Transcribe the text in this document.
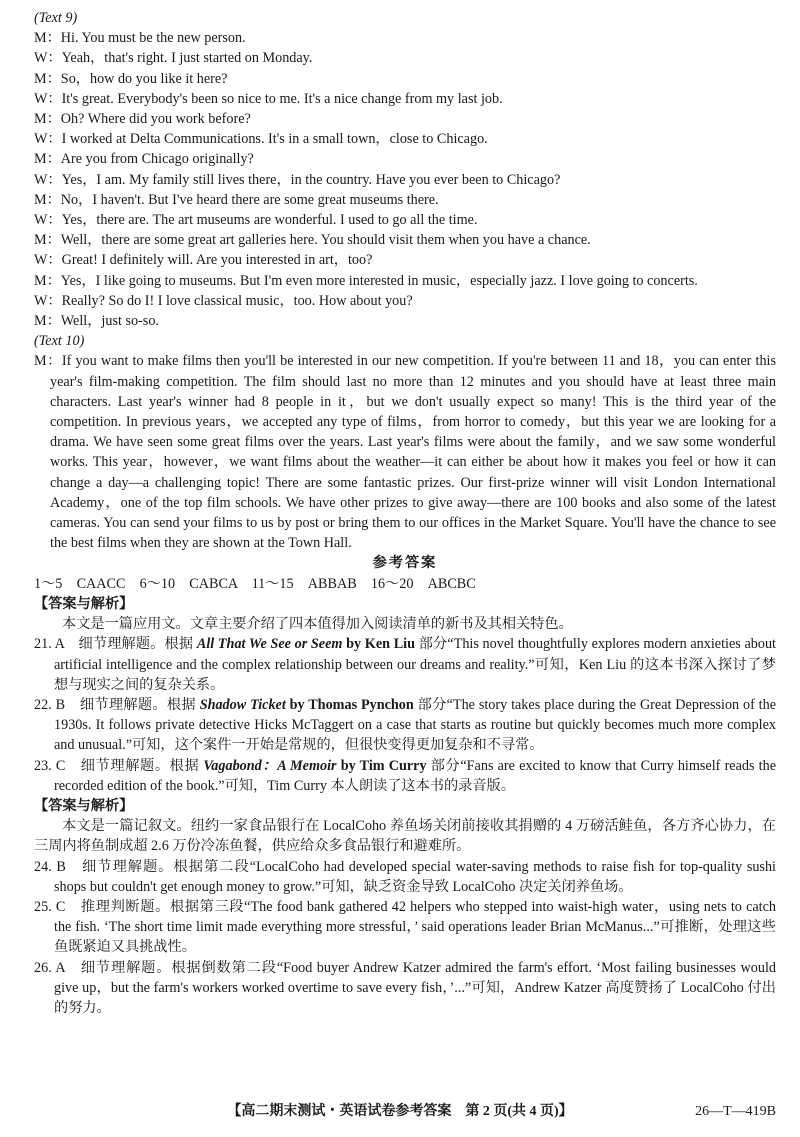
(Text 9)
M：Hi. You must be the new person.
W：Yeah，that's right. I just started on Monday.
M：So，how do you like it here?
W：It's great. Everybody's been so nice to me. It's a nice change from my last job.
M：Oh? Where did you work before?
W：I worked at Delta Communications. It's in a small town，close to Chicago.
M：Are you from Chicago originally?
W：Yes，I am. My family still lives there，in the country. Have you ever been to Chicago?
M：No，I haven't. But I've heard there are some great museums there.
W：Yes，there are. The art museums are wonderful. I used to go all the time.
M：Well，there are some great art galleries here. You should visit them when you have a chance.
W：Great! I definitely will. Are you interested in art，too?
M：Yes，I like going to museums. But I'm even more interested in music，especially jazz. I love going to concerts.
W：Really? So do I! I love classical music，too. How about you?
M：Well，just so-so.
(Text 10)
M：If you want to make films then you'll be interested in our new competition. If you're between 11 and 18，you can enter this year's film-making competition. The film should last no more than 12 minutes and you should have at least three main characters. Last year's winner had 8 people in it，but we don't usually expect so many! This is the third year of the competition. In previous years，we accepted any type of films，from horror to comedy，but this year we are looking for a drama. We have seen some great films over the years. Last year's films were about the family，and we saw some wonderful works. This year，however，we want films about the weather—it can either be about how it makes you feel or how it can change a day—a challenging topic! There are some fantastic prizes. Our first-prize winner will visit London International Academy，one of the top film schools. We have other prizes to give away—there are 100 books and also some of the latest cameras. You can send your films to us by post or bring them to our offices in the Market Square. You'll have the chance to see the best films when they are shown at the Town Hall.
参考答案
1～5　CAACC　6～10　CABCA　11～15　ABBAB　16～20　ABCBC
【答案与解析】
本文是一篇应用文。文章主要介绍了四本值得加入阅读清单的新书及其相关特色。
21. A　细节理解题。根据 All That We See or Seem by Ken Liu 部分“This novel thoughtfully explores modern anxieties about artificial intelligence and the complex relationship between our dreams and reality.”可知，Ken Liu 的这本书深入探讨了梦想与现实之间的复杂关系。
22. B　细节理解题。根据 Shadow Ticket by Thomas Pynchon 部分“The story takes place during the Great Depression of the 1930s. It follows private detective Hicks McTaggert on a case that starts as routine but quickly becomes much more complex and unusual.”可知，这个案件一开始是常规的，但很快变得更加复杂和不寻常。
23. C　细节理解题。根据 Vagabond：A Memoir by Tim Curry 部分“Fans are excited to know that Curry himself reads the recorded edition of the book.”可知，Tim Curry 本人朗读了这本书的录音版。
【答案与解析】
本文是一篇记叙文。纽约一家食品银行在 LocalCoho 养鱼场关闭前接收其捐赠的 4 万磅活鲑鱼，各方齐心协力，在三周内将鱼制成超 2.6 万份冷冻鱼餐，供应给众多食品银行和避难所。
24. B　细节理解题。根据第二段“LocalCoho had developed special water-saving methods to raise fish for top-quality sushi shops but couldn't get enough money to grow.”可知，缺乏资金导致 LocalCoho 决定关闭养鱼场。
25. C　推理判断题。根据第三段“The food bank gathered 42 helpers who stepped into waist-high water，using nets to catch the fish. ‘The short time limit made everything more stressful，’ said operations leader Brian McManus...”可推断，处理这些鱼既紧迫又具挑战性。
26. A　细节理解题。根据倒数第二段“Food buyer Andrew Katzer admired the farm's effort. ‘Most failing businesses would give up，but the farm's workers worked overtime to save every fish，’...”可知，Andrew Katzer 高度赞扬了 LocalCoho 付出的努力。
【高二期末测试・英语试卷参考答案　第 2 页(共 4 页)】	26—T—419B
